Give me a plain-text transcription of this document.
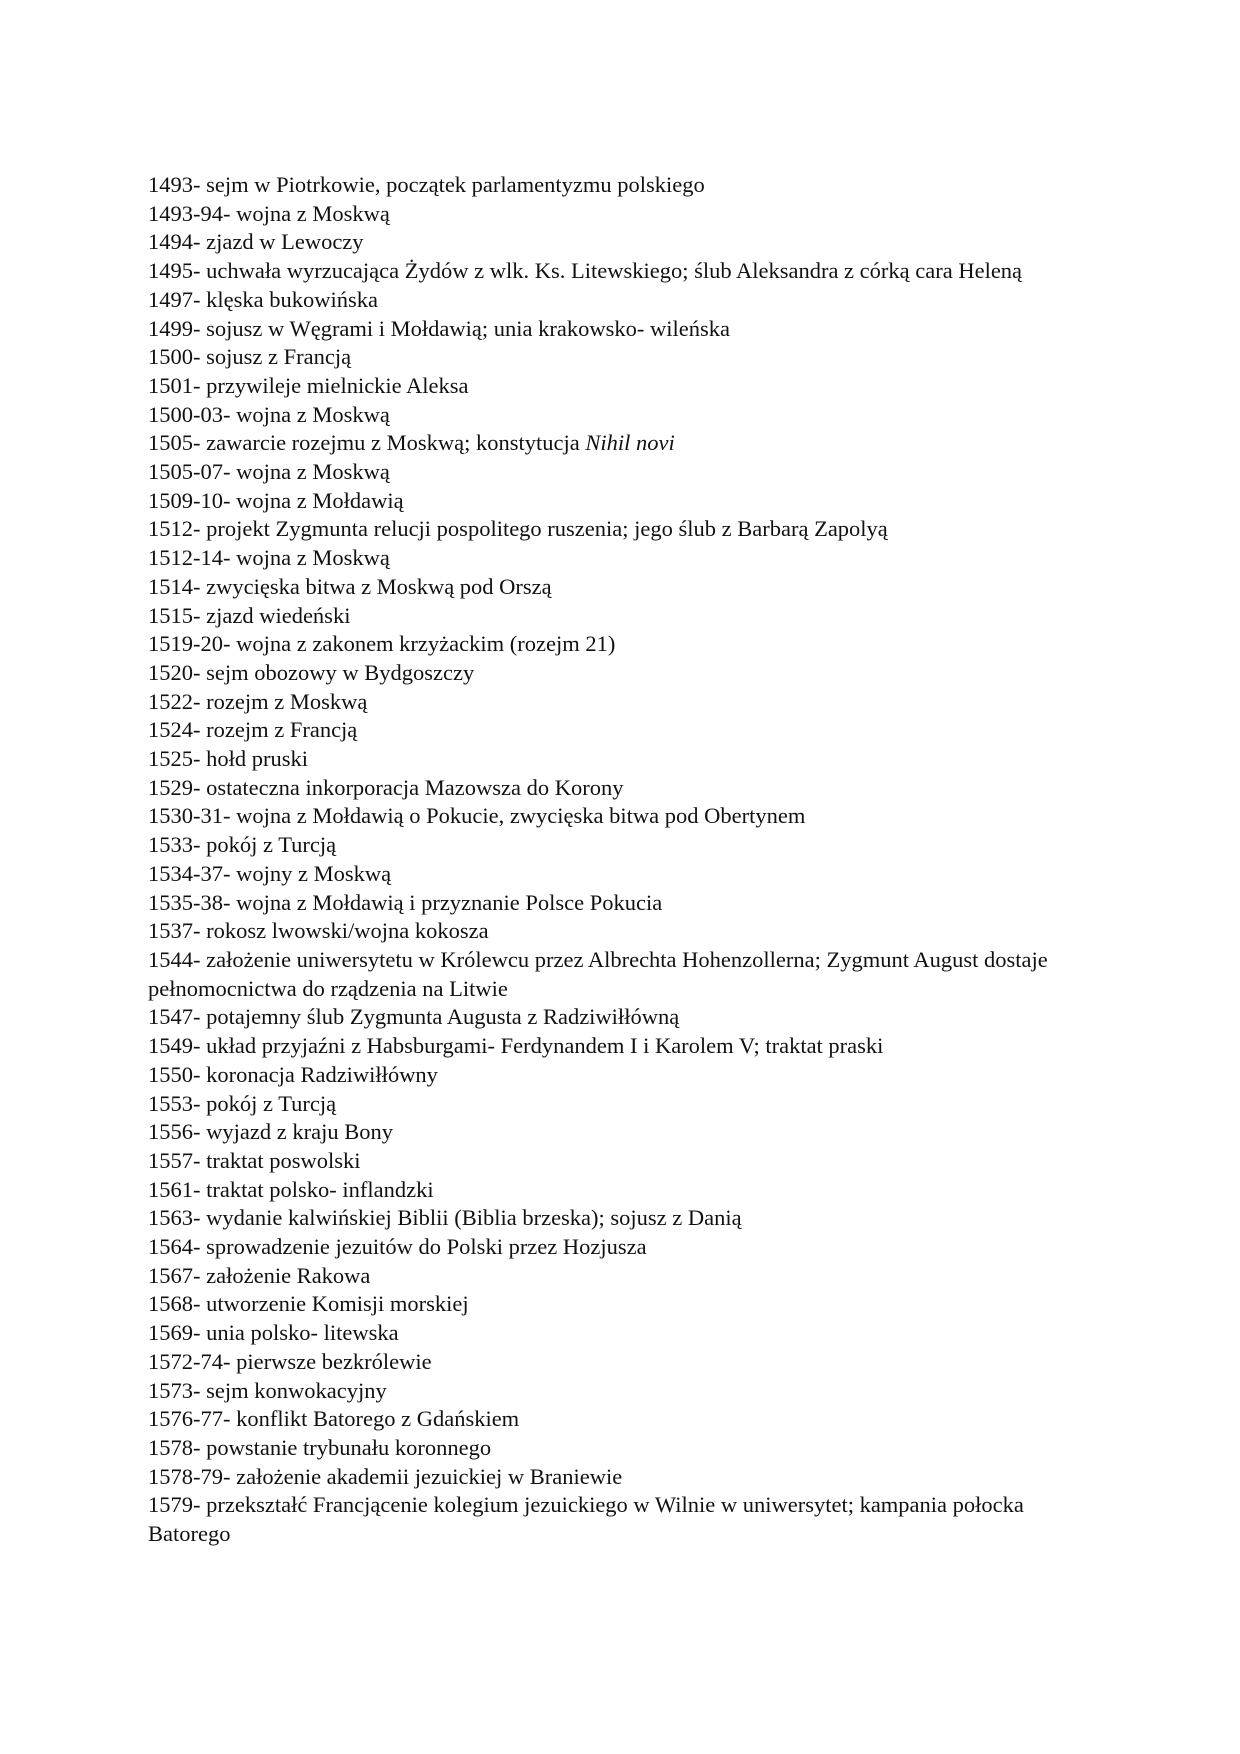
1493- sejm w Piotrkowie, początek parlamentyzmu polskiego
1493-94- wojna z Moskwą
1494- zjazd w Lewoczy
1495- uchwała wyrzucająca Żydów z wlk. Ks. Litewskiego; ślub Aleksandra z córką cara Heleną
1497- klęska bukowińska
1499- sojusz w Węgrami i Mołdawią; unia krakowsko- wileńska
1500- sojusz z Francją
1501- przywileje mielnickie Aleksa
1500-03- wojna z Moskwą
1505- zawarcie rozejmu z Moskwą; konstytucja Nihil novi
1505-07- wojna z Moskwą
1509-10- wojna z Mołdawią
1512- projekt Zygmunta relucji pospolitego ruszenia; jego ślub z Barbarą Zapolyą
1512-14- wojna z Moskwą
1514- zwycięska bitwa z Moskwą pod Orszą
1515- zjazd wiedeński
1519-20- wojna z zakonem krzyżackim (rozejm 21)
1520- sejm obozowy w Bydgoszczy
1522- rozejm z Moskwą
1524- rozejm z Francją
1525- hołd pruski
1529- ostateczna inkorporacja Mazowsza do Korony
1530-31- wojna z Mołdawią o Pokucie, zwycięska bitwa pod Obertynem
1533- pokój z Turcją
1534-37- wojny z Moskwą
1535-38- wojna z Mołdawią i przyznanie Polsce Pokucia
1537- rokosz lwowski/wojna kokosza
1544- założenie uniwersytetu w Królewcu przez Albrechta Hohenzollerna; Zygmunt August dostaje pełnomocnictwa do rządzenia na Litwie
1547- potajemny ślub Zygmunta Augusta z Radziwiłłówną
1549- układ przyjaźni z Habsburgami- Ferdynandem I i Karolem V; traktat praski
1550- koronacja Radziwiłłówny
1553- pokój z Turcją
1556- wyjazd z kraju Bony
1557- traktat poswolski
1561- traktat polsko- inflandzki
1563- wydanie kalwińskiej Biblii (Biblia brzeska); sojusz z Danią
1564- sprowadzenie jezuitów do Polski przez Hozjusza
1567- założenie Rakowa
1568- utworzenie Komisji morskiej
1569- unia polsko- litewska
1572-74- pierwsze bezkrólewie
1573- sejm konwokacyjny
1576-77- konflikt Batorego z Gdańskiem
1578- powstanie trybunału koronnego
1578-79- założenie akademii jezuickiej w Braniewie
1579- przekształć Francjącenie kolegium jezuickiego w Wilnie w uniwersytet; kampania połocka Batorego
